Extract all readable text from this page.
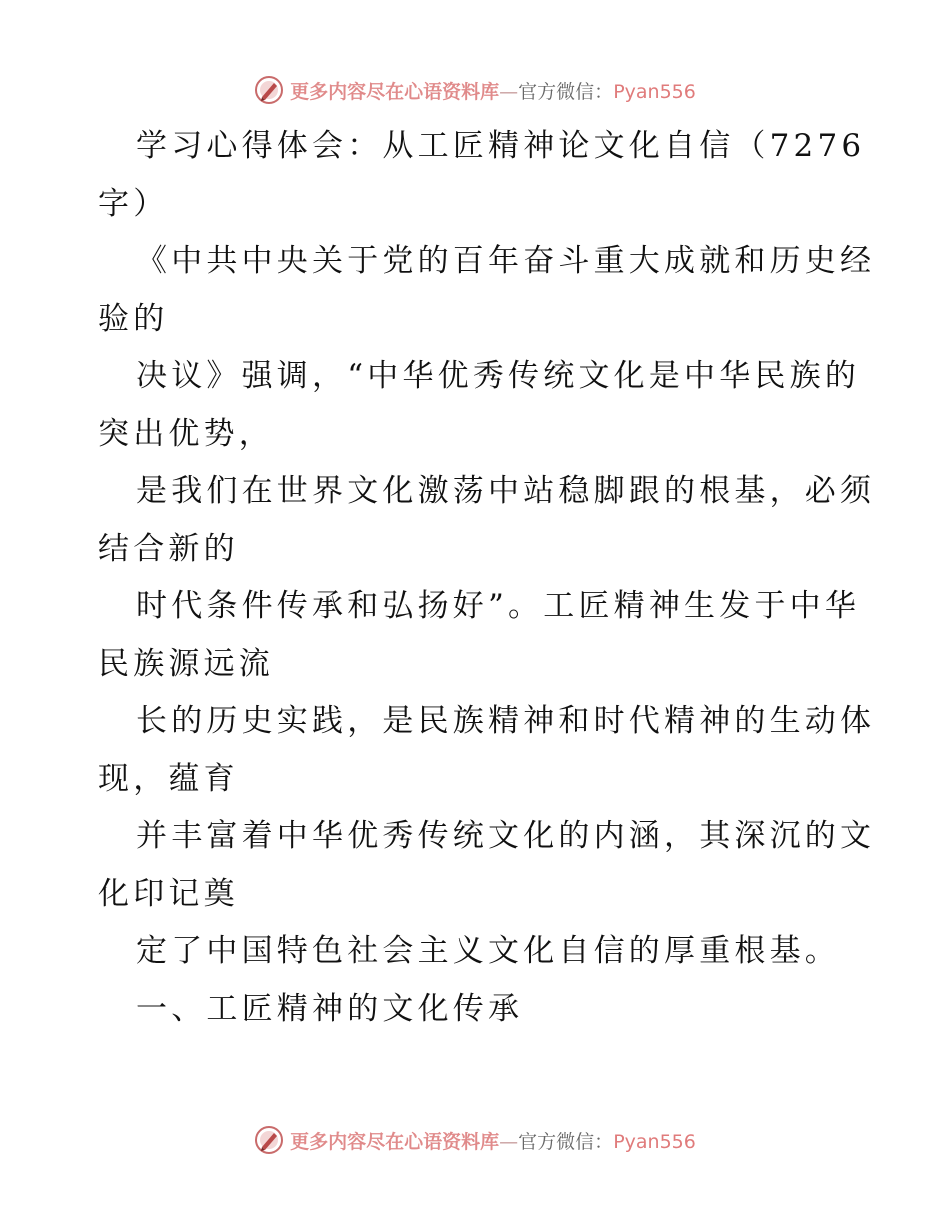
更多内容尽在心语资料库—官方微信：Pyan556
学习心得体会：从工匠精神论文化自信（7276
字）
《中共中央关于党的百年奋斗重大成就和历史经
验的
决议》强调，“中华优秀传统文化是中华民族的
突出优势，
是我们在世界文化激荡中站稳脚跟的根基，必须
结合新的
时代条件传承和弘扬好”。工匠精神生发于中华
民族源远流
长的历史实践，是民族精神和时代精神的生动体
现，蕴育
并丰富着中华优秀传统文化的内涵，其深沉的文
化印记奠
定了中国特色社会主义文化自信的厚重根基。
一、工匠精神的文化传承
更多内容尽在心语资料库—官方微信：Pyan556
